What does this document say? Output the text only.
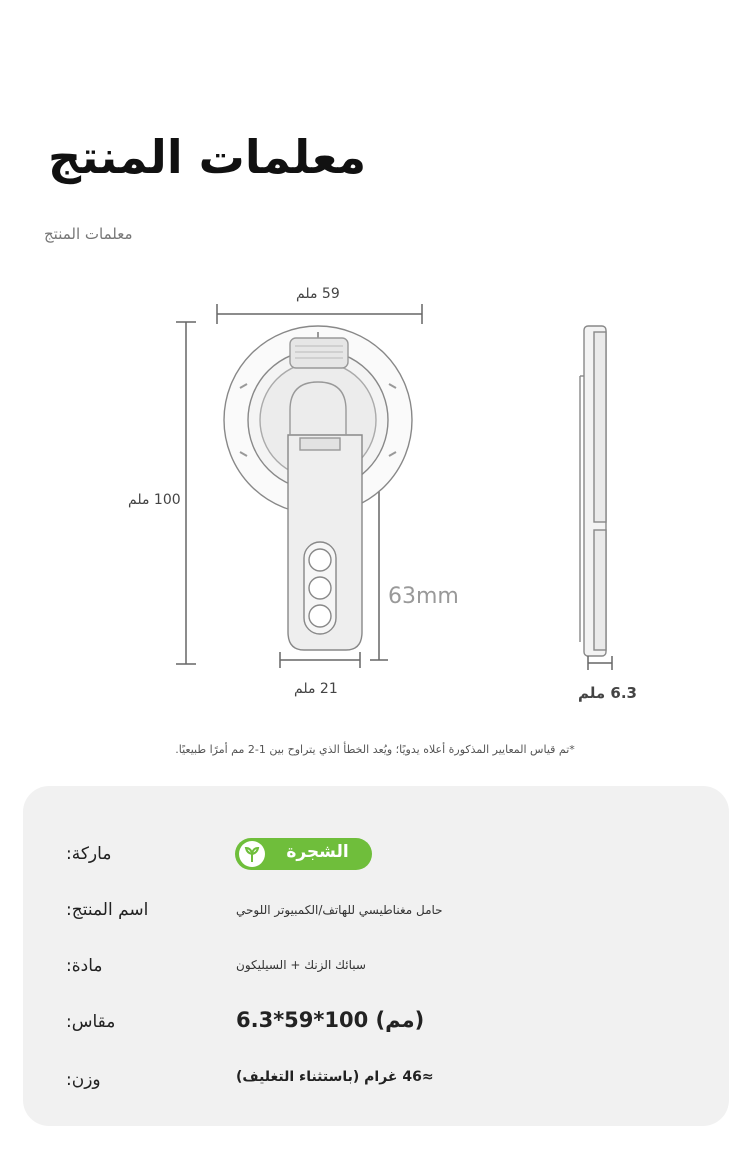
معلمات المنتج
معلمات المنتج
59 ملم
100 ملم
63mm
21 ملم	6.3 ملم
*تم قياس المعايير المذكورة أعلاه يدويًا؛ ويُعد الخطأ الذي يتراوح بين 1-2 مم أمرًا طبيعيًا.
ماركة:	الشجرة
اسم المنتج:	حامل مغناطيسي للهاتف/الكمبيوتر اللوحي
مادة:	سبائك الزنك + السيليكون
مقاس:	6.3*59*100 (مم)
وزن:	≈46 غرام (باستثناء التغليف)
